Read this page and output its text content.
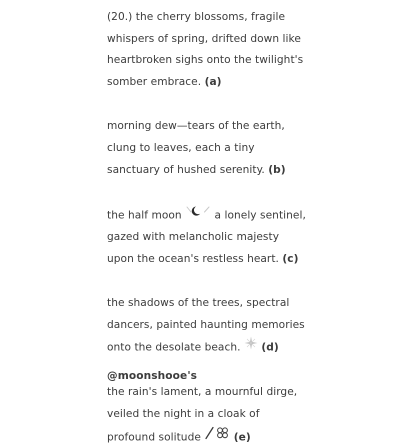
(20.) the cherry blossoms, fragile
whispers of spring, drifted down like
heartbroken sighs onto the twilight's
somber embrace. (a)
morning dew—tears of the earth,
clung to leaves, each a tiny
sanctuary of hushed serenity. (b)
the half moon	a lonely sentinel,
gazed with melancholic majesty
upon the ocean's restless heart. (c)
the shadows of the trees, spectral
dancers, painted haunting memories
onto the desolate beach. (d)
the rain's lament, a mournful dirge,
veiled the night in a cloak of
profound solitude	(e)
@moonshooe's
